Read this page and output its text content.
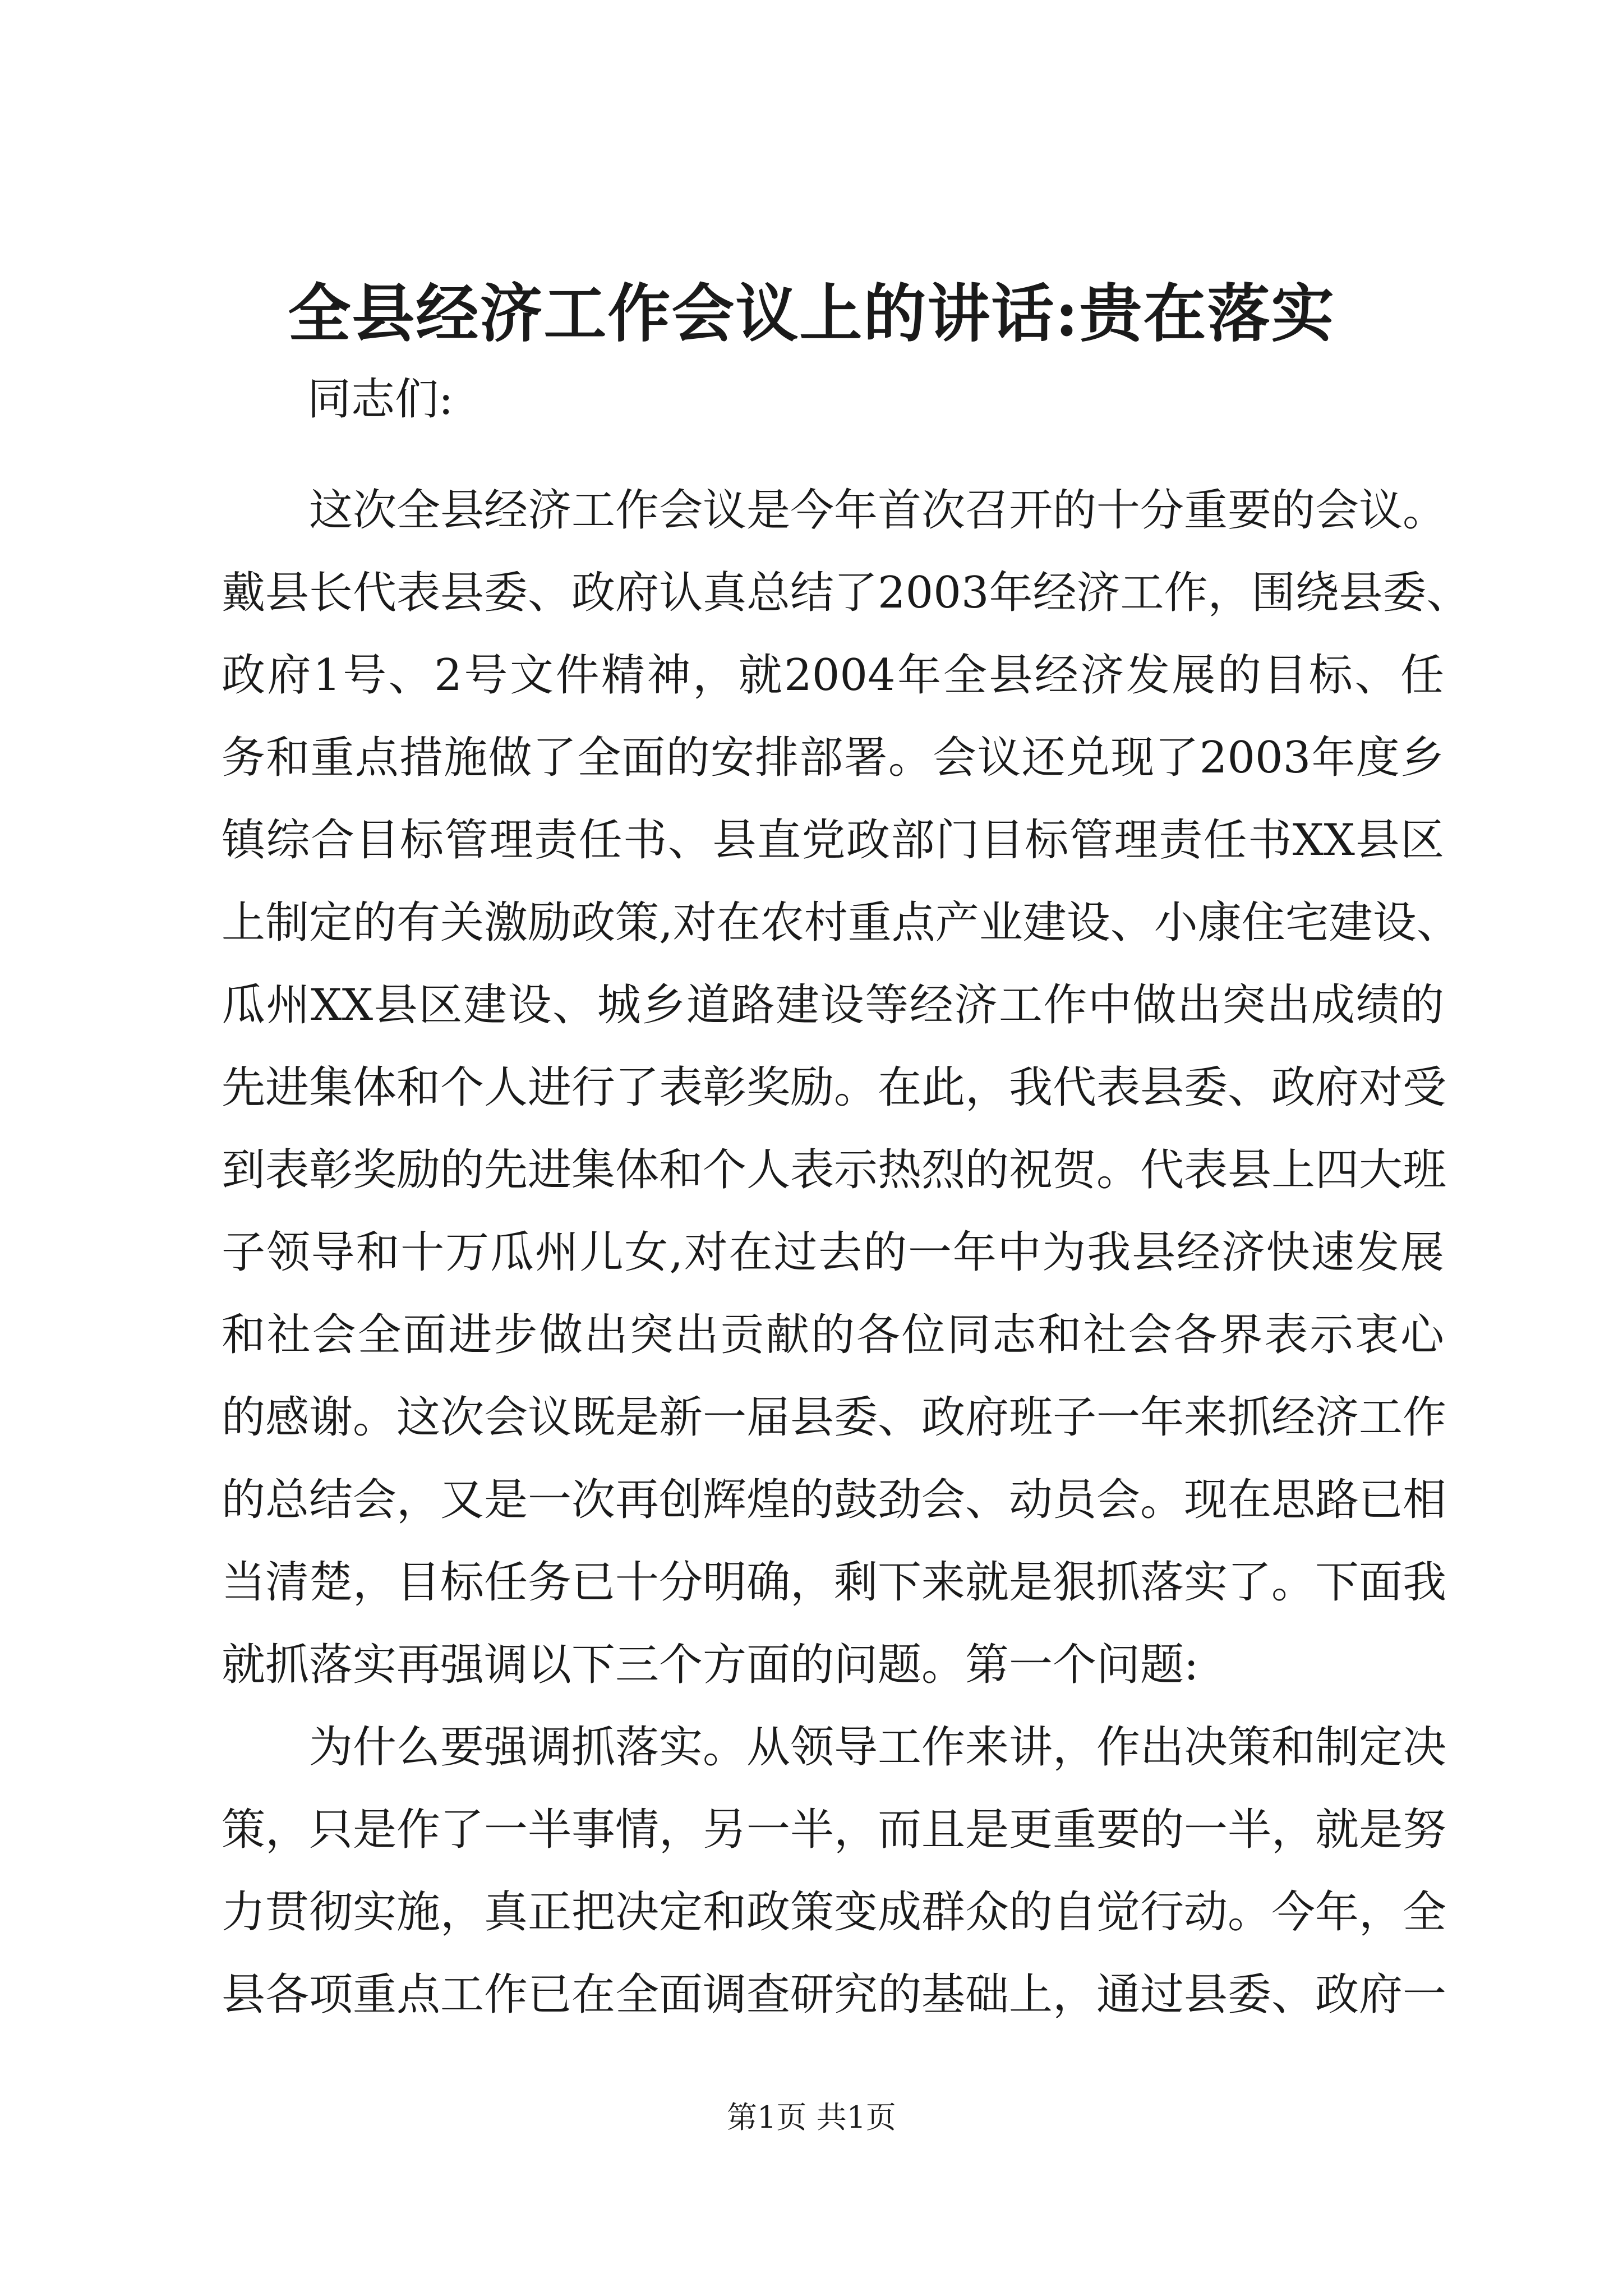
全县经济工作会议上的讲话:贵在落实
同志们:
　　这次全县经济工作会议是今年首次召开的十分重要的会议。
戴县长代表县委、政府认真总结了2003年经济工作，围绕县委、
政府1号、2号文件精神，就2004年全县经济发展的目标、任
务和重点措施做了全面的安排部署。会议还兑现了2003年度乡
镇综合目标管理责任书、县直党政部门目标管理责任书XX县区
上制定的有关激励政策,对在农村重点产业建设、小康住宅建设、
瓜州XX县区建设、城乡道路建设等经济工作中做出突出成绩的
先进集体和个人进行了表彰奖励。在此，我代表县委、政府对受
到表彰奖励的先进集体和个人表示热烈的祝贺。代表县上四大班
子领导和十万瓜州儿女,对在过去的一年中为我县经济快速发展
和社会全面进步做出突出贡献的各位同志和社会各界表示衷心
的感谢。这次会议既是新一届县委、政府班子一年来抓经济工作
的总结会，又是一次再创辉煌的鼓劲会、动员会。现在思路已相
当清楚，目标任务已十分明确，剩下来就是狠抓落实了。下面我
就抓落实再强调以下三个方面的问题。第一个问题:
　　为什么要强调抓落实。从领导工作来讲，作出决策和制定决
策，只是作了一半事情，另一半，而且是更重要的一半，就是努
力贯彻实施，真正把决定和政策变成群众的自觉行动。今年，全
县各项重点工作已在全面调查研究的基础上，通过县委、政府一
第1页 共1页
